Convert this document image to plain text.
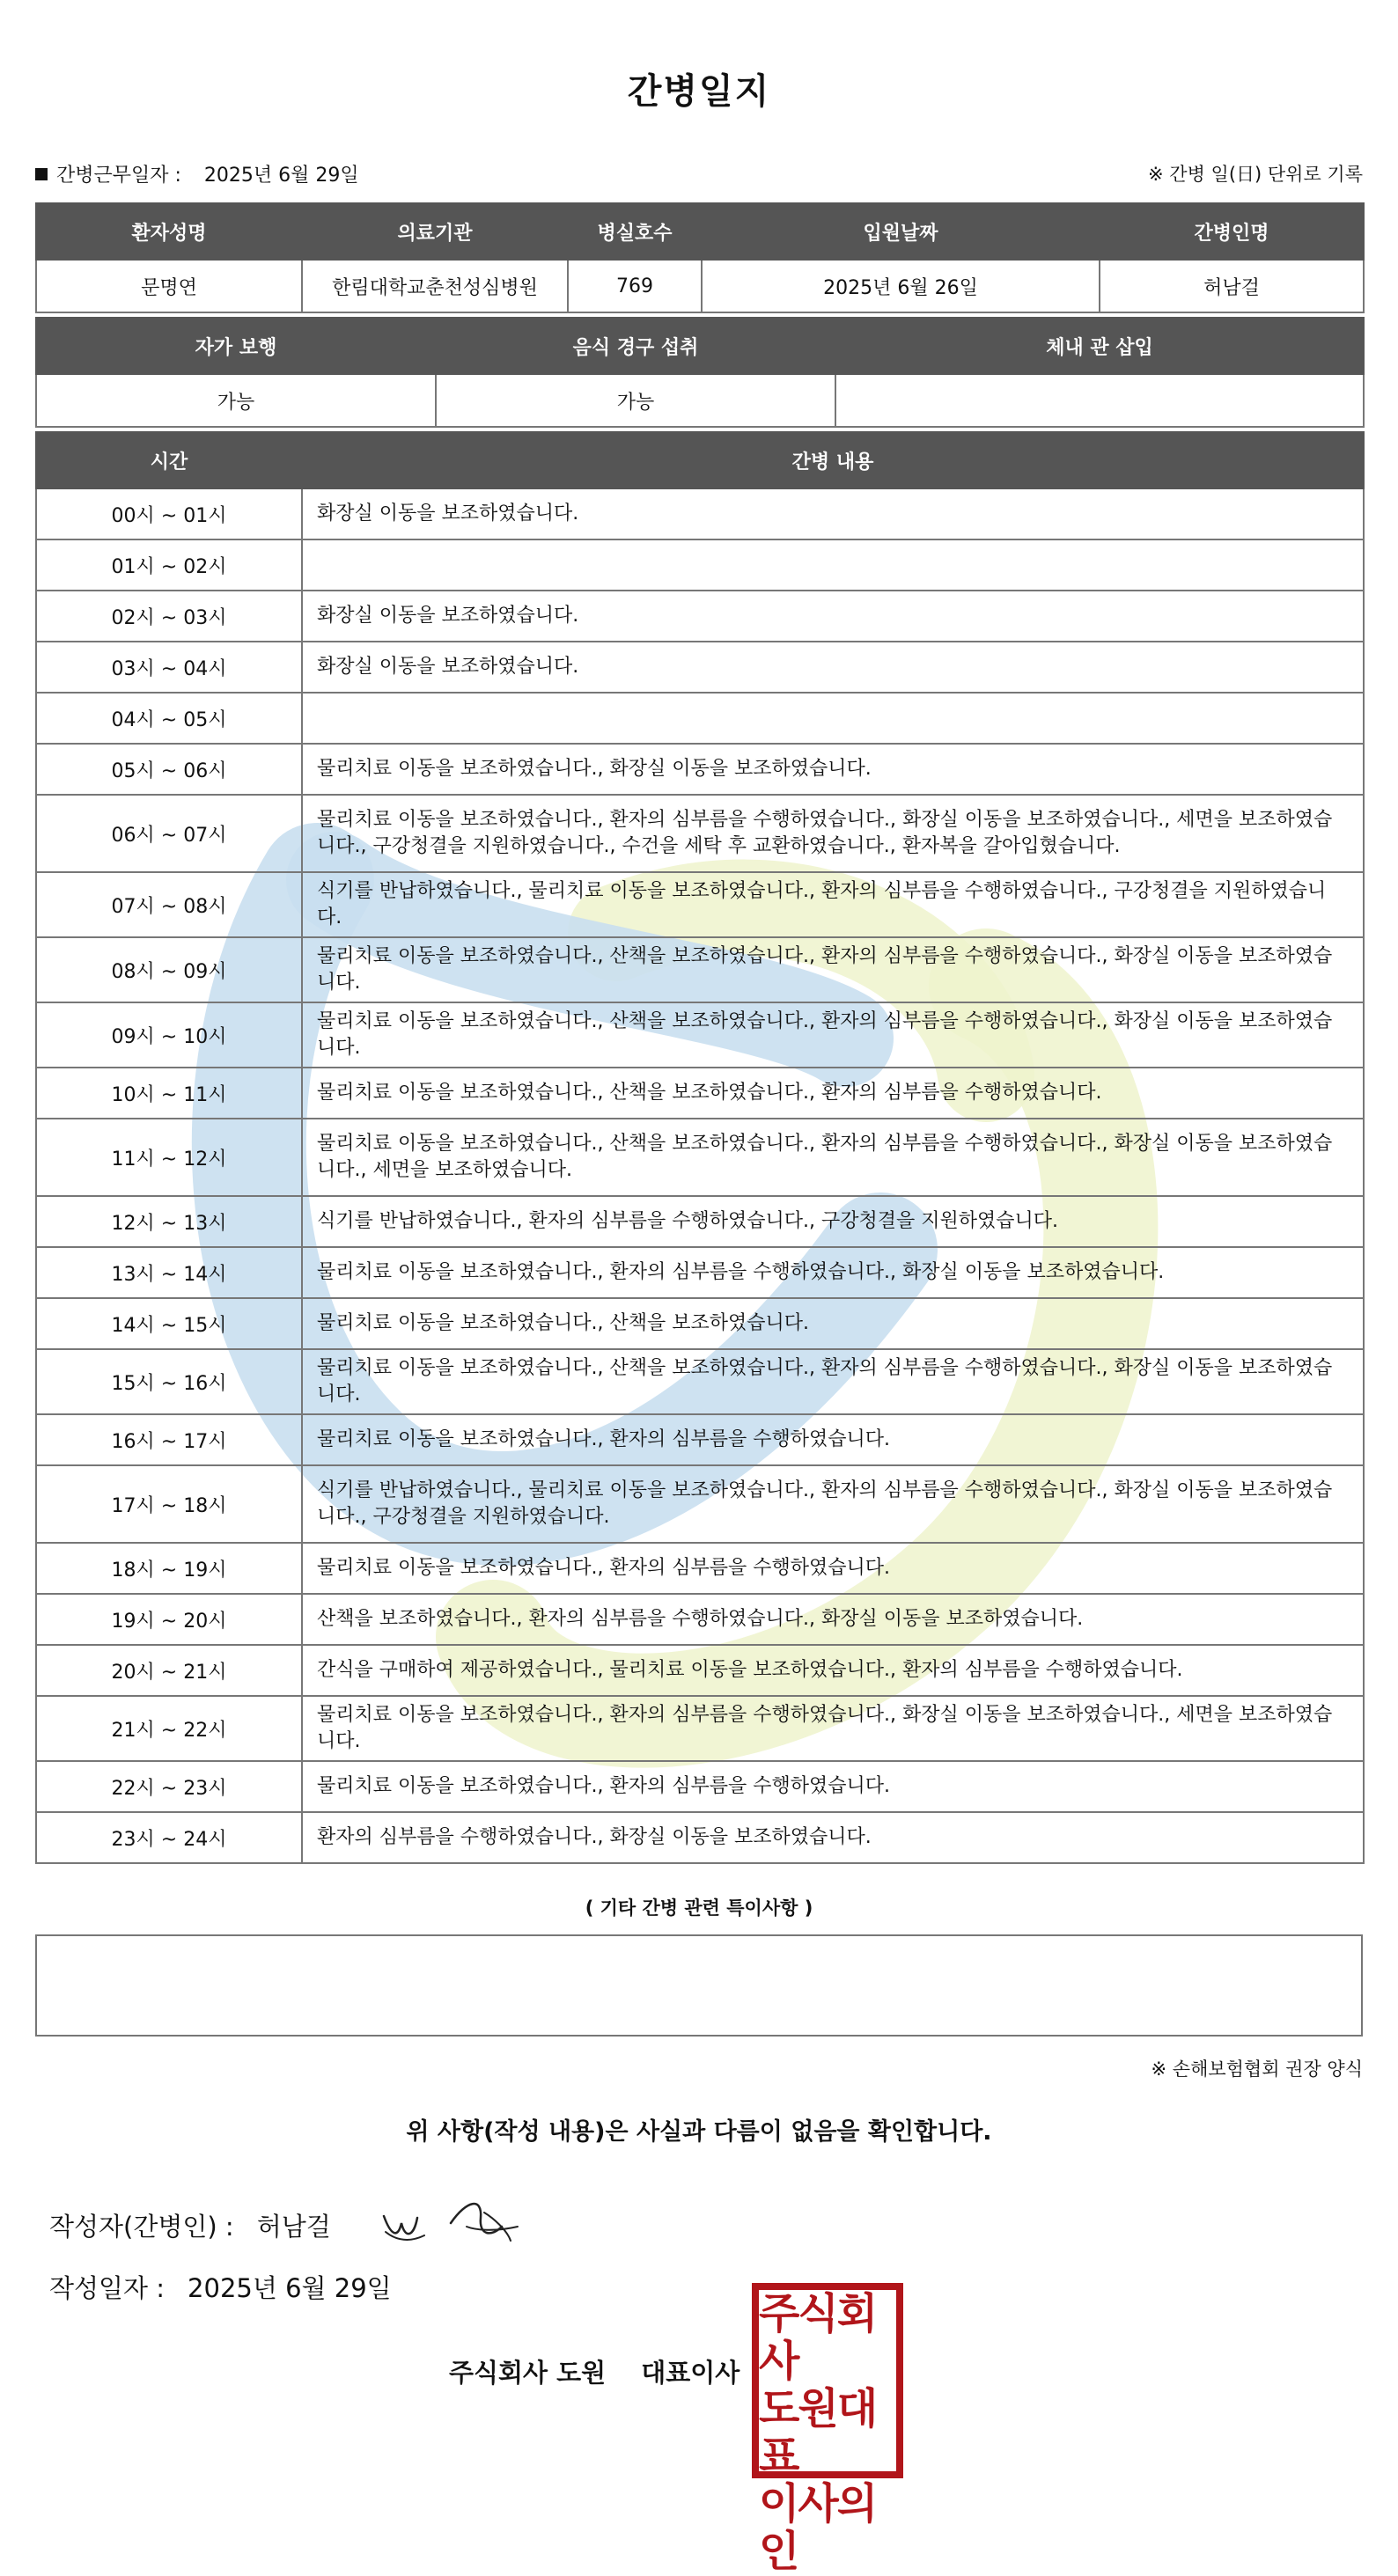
간병일지
간병근무일자 : 2025년 6월 29일	※ 간병 일(日) 단위로 기록
환자성명	의료기관	병실호수	입원날짜	간병인명
문명연	한림대학교춘천성심병원	769	2025년 6월 26일	허남걸
자가 보행	음식 경구 섭취	체내 관 삽입
가능	가능	
시간	간병 내용
00시 ~ 01시	화장실 이동을 보조하였습니다.
01시 ~ 02시	
02시 ~ 03시	화장실 이동을 보조하였습니다.
03시 ~ 04시	화장실 이동을 보조하였습니다.
04시 ~ 05시	
05시 ~ 06시	물리치료 이동을 보조하였습니다., 화장실 이동을 보조하였습니다.
06시 ~ 07시	물리치료 이동을 보조하였습니다., 환자의 심부름을 수행하였습니다., 화장실 이동을 보조하였습니다., 세면을 보조하였습니다., 구강청결을 지원하였습니다., 수건을 세탁 후 교환하였습니다., 환자복을 갈아입혔습니다.
07시 ~ 08시	식기를 반납하였습니다., 물리치료 이동을 보조하였습니다., 환자의 심부름을 수행하였습니다., 구강청결을 지원하였습니다.
08시 ~ 09시	물리치료 이동을 보조하였습니다., 산책을 보조하였습니다., 환자의 심부름을 수행하였습니다., 화장실 이동을 보조하였습니다.
09시 ~ 10시	물리치료 이동을 보조하였습니다., 산책을 보조하였습니다., 환자의 심부름을 수행하였습니다., 화장실 이동을 보조하였습니다.
10시 ~ 11시	물리치료 이동을 보조하였습니다., 산책을 보조하였습니다., 환자의 심부름을 수행하였습니다.
11시 ~ 12시	물리치료 이동을 보조하였습니다., 산책을 보조하였습니다., 환자의 심부름을 수행하였습니다., 화장실 이동을 보조하였습니다., 세면을 보조하였습니다.
12시 ~ 13시	식기를 반납하였습니다., 환자의 심부름을 수행하였습니다., 구강청결을 지원하였습니다.
13시 ~ 14시	물리치료 이동을 보조하였습니다., 환자의 심부름을 수행하였습니다., 화장실 이동을 보조하였습니다.
14시 ~ 15시	물리치료 이동을 보조하였습니다., 산책을 보조하였습니다.
15시 ~ 16시	물리치료 이동을 보조하였습니다., 산책을 보조하였습니다., 환자의 심부름을 수행하였습니다., 화장실 이동을 보조하였습니다.
16시 ~ 17시	물리치료 이동을 보조하였습니다., 환자의 심부름을 수행하였습니다.
17시 ~ 18시	식기를 반납하였습니다., 물리치료 이동을 보조하였습니다., 환자의 심부름을 수행하였습니다., 화장실 이동을 보조하였습니다., 구강청결을 지원하였습니다.
18시 ~ 19시	물리치료 이동을 보조하였습니다., 환자의 심부름을 수행하였습니다.
19시 ~ 20시	산책을 보조하였습니다., 환자의 심부름을 수행하였습니다., 화장실 이동을 보조하였습니다.
20시 ~ 21시	간식을 구매하여 제공하였습니다., 물리치료 이동을 보조하였습니다., 환자의 심부름을 수행하였습니다.
21시 ~ 22시	물리치료 이동을 보조하였습니다., 환자의 심부름을 수행하였습니다., 화장실 이동을 보조하였습니다., 세면을 보조하였습니다.
22시 ~ 23시	물리치료 이동을 보조하였습니다., 환자의 심부름을 수행하였습니다.
23시 ~ 24시	환자의 심부름을 수행하였습니다., 화장실 이동을 보조하였습니다.
( 기타 간병 관련 특이사항 )
※ 손해보험협회 권장 양식
위 사항(작성 내용)은 사실과 다름이 없음을 확인합니다.
작성자(간병인) : 허남걸
작성일자 : 2025년 6월 29일
주식회사 도원 대표이사
주식회사
도원대표
이사의인
